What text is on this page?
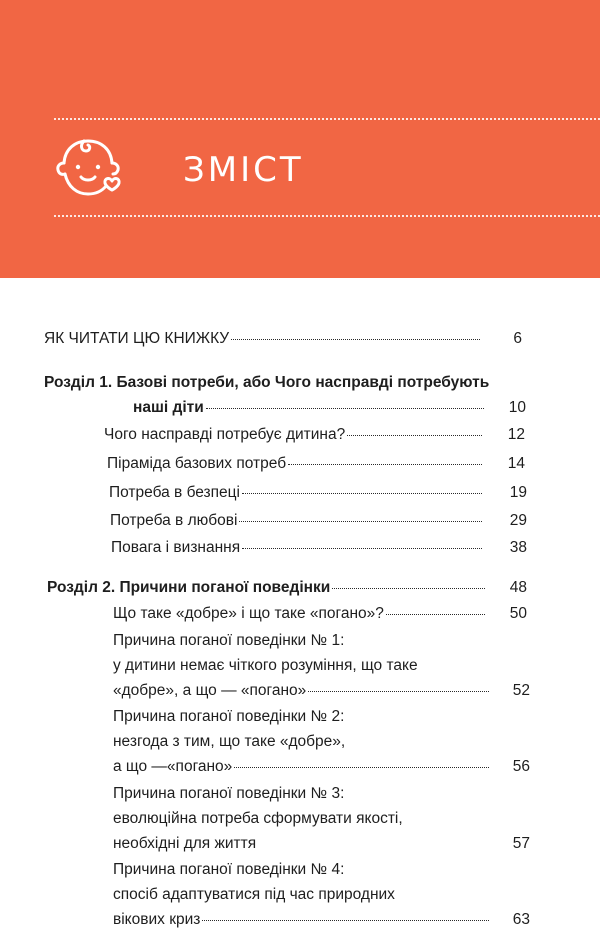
ЗМІСТ
ЯК ЧИТАТИ ЦЮ КНИЖКУ	6
Розділ 1. Базові потреби, або Чого насправді потребують
наші діти	10
Чого насправді потребує дитина?	12
Піраміда базових потреб	14
Потреба в безпеці	19
Потреба в любові	29
Повага і визнання	38
Розділ 2. Причини поганої поведінки	48
Що таке «добре» і що таке «погано»?	50
Причина поганої поведінки № 1:
у дитини немає чіткого розуміння, що таке
«добре», а що — «погано»	52
Причина поганої поведінки № 2:
незгода з тим, що таке «добре»,
а що —«погано»	56
Причина поганої поведінки № 3:
еволюційна потреба сформувати якості,
необхідні для життя	57
Причина поганої поведінки № 4:
спосіб адаптуватися під час природних
вікових криз	63
